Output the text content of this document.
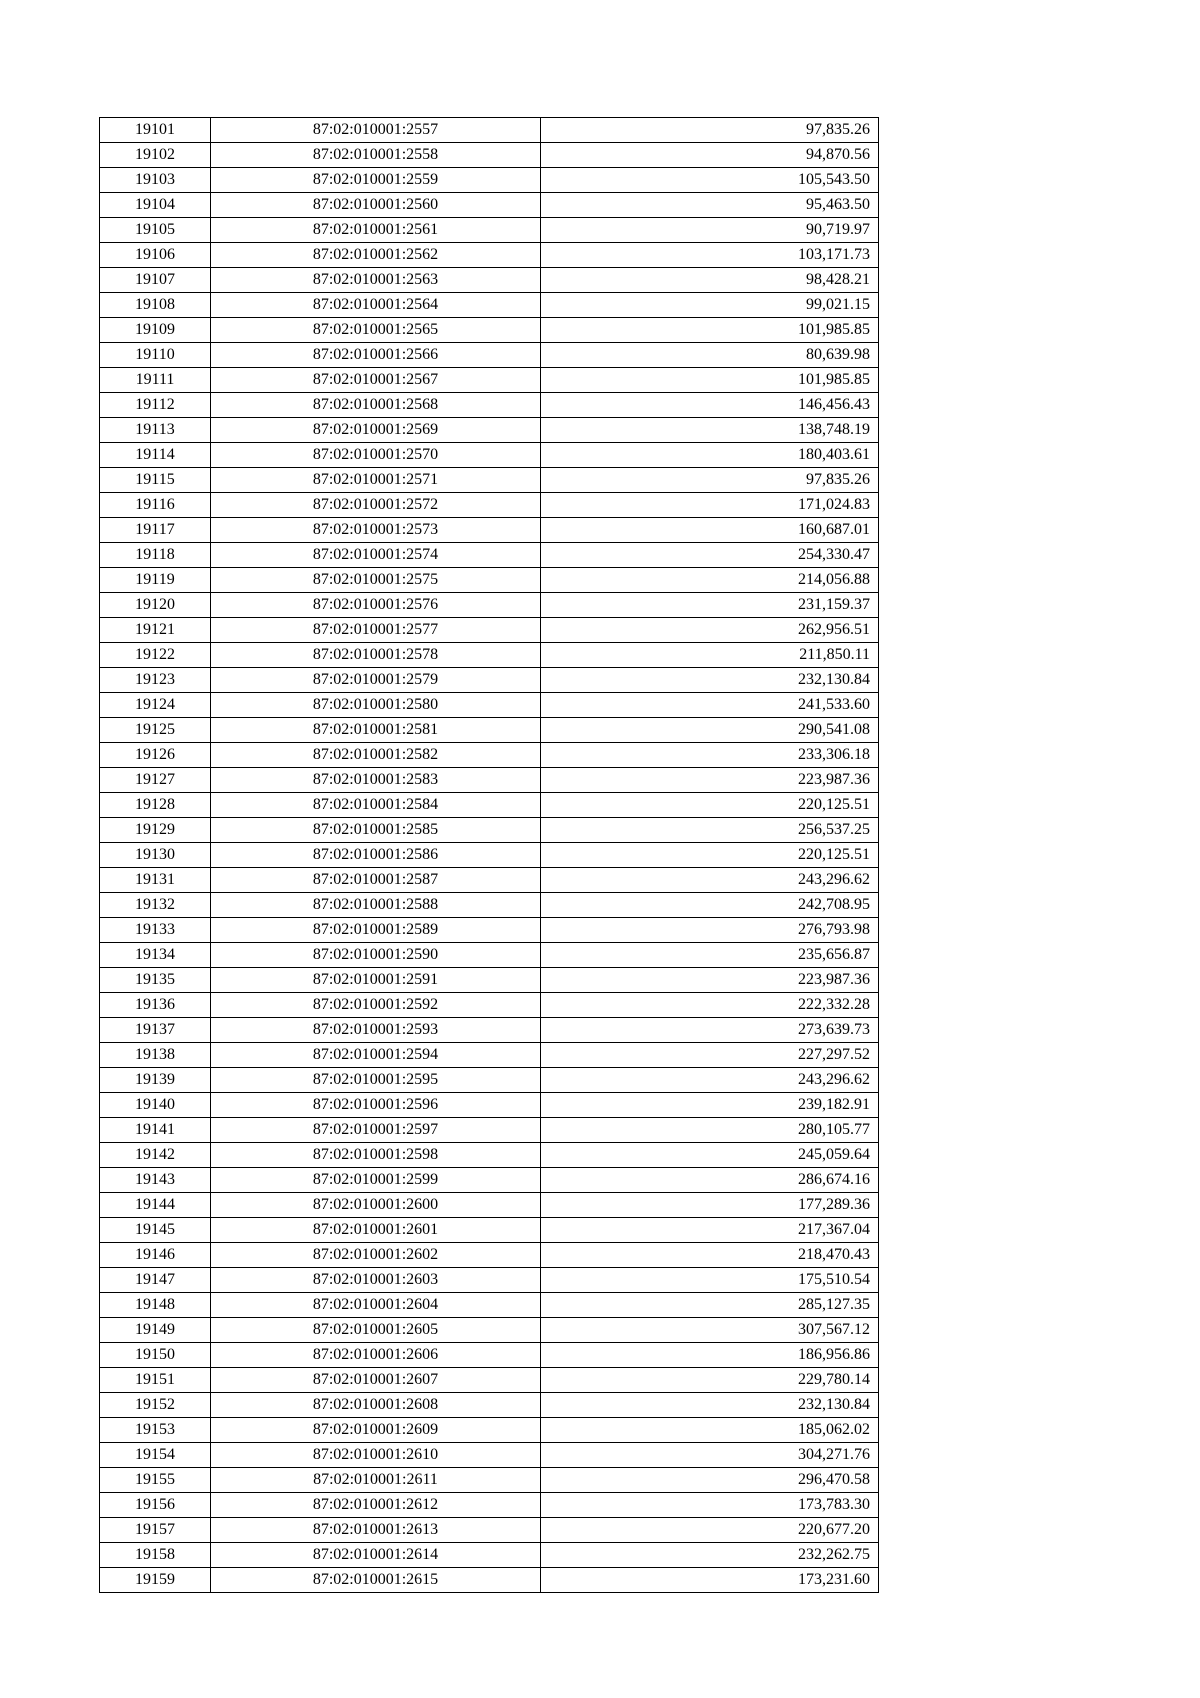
19101	87:02:010001:2557	97,835.26
19102	87:02:010001:2558	94,870.56
19103	87:02:010001:2559	105,543.50
19104	87:02:010001:2560	95,463.50
19105	87:02:010001:2561	90,719.97
19106	87:02:010001:2562	103,171.73
19107	87:02:010001:2563	98,428.21
19108	87:02:010001:2564	99,021.15
19109	87:02:010001:2565	101,985.85
19110	87:02:010001:2566	80,639.98
19111	87:02:010001:2567	101,985.85
19112	87:02:010001:2568	146,456.43
19113	87:02:010001:2569	138,748.19
19114	87:02:010001:2570	180,403.61
19115	87:02:010001:2571	97,835.26
19116	87:02:010001:2572	171,024.83
19117	87:02:010001:2573	160,687.01
19118	87:02:010001:2574	254,330.47
19119	87:02:010001:2575	214,056.88
19120	87:02:010001:2576	231,159.37
19121	87:02:010001:2577	262,956.51
19122	87:02:010001:2578	211,850.11
19123	87:02:010001:2579	232,130.84
19124	87:02:010001:2580	241,533.60
19125	87:02:010001:2581	290,541.08
19126	87:02:010001:2582	233,306.18
19127	87:02:010001:2583	223,987.36
19128	87:02:010001:2584	220,125.51
19129	87:02:010001:2585	256,537.25
19130	87:02:010001:2586	220,125.51
19131	87:02:010001:2587	243,296.62
19132	87:02:010001:2588	242,708.95
19133	87:02:010001:2589	276,793.98
19134	87:02:010001:2590	235,656.87
19135	87:02:010001:2591	223,987.36
19136	87:02:010001:2592	222,332.28
19137	87:02:010001:2593	273,639.73
19138	87:02:010001:2594	227,297.52
19139	87:02:010001:2595	243,296.62
19140	87:02:010001:2596	239,182.91
19141	87:02:010001:2597	280,105.77
19142	87:02:010001:2598	245,059.64
19143	87:02:010001:2599	286,674.16
19144	87:02:010001:2600	177,289.36
19145	87:02:010001:2601	217,367.04
19146	87:02:010001:2602	218,470.43
19147	87:02:010001:2603	175,510.54
19148	87:02:010001:2604	285,127.35
19149	87:02:010001:2605	307,567.12
19150	87:02:010001:2606	186,956.86
19151	87:02:010001:2607	229,780.14
19152	87:02:010001:2608	232,130.84
19153	87:02:010001:2609	185,062.02
19154	87:02:010001:2610	304,271.76
19155	87:02:010001:2611	296,470.58
19156	87:02:010001:2612	173,783.30
19157	87:02:010001:2613	220,677.20
19158	87:02:010001:2614	232,262.75
19159	87:02:010001:2615	173,231.60
